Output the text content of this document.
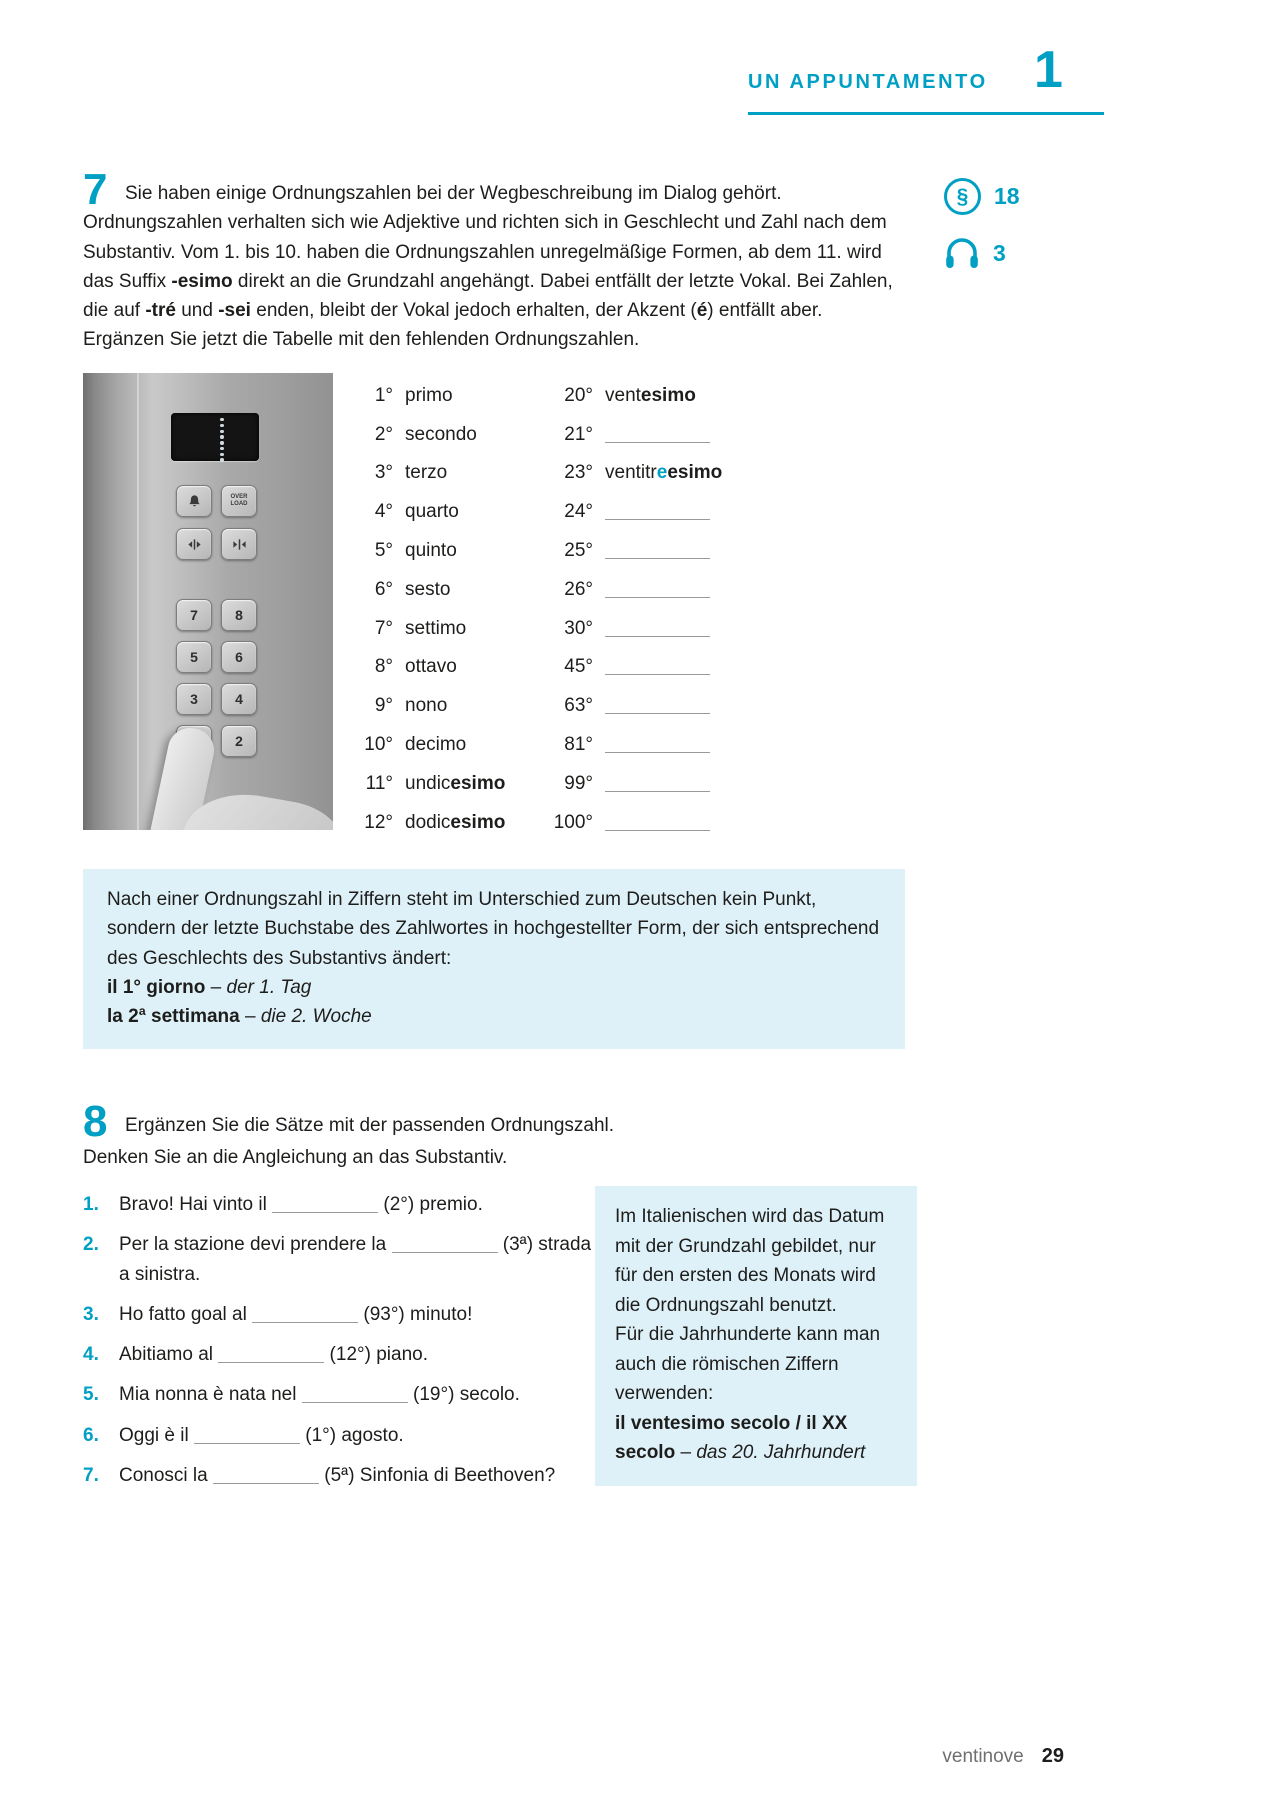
UN APPUNTAMENTO 1
7 Sie haben einige Ordnungszahlen bei der Wegbeschreibung im Dialog gehört. Ordnungszahlen verhalten sich wie Adjektive und richten sich in Geschlecht und Zahl nach dem Substantiv. Vom 1. bis 10. haben die Ordnungszahlen unregelmäßige Formen, ab dem 11. wird das Suffix -esimo direkt an die Grundzahl angehängt. Dabei entfällt der letzte Vokal. Bei Zahlen, die auf -tré und -sei enden, bleibt der Vokal jedoch erhalten, der Akzent (é) entfällt aber.
Ergänzen Sie jetzt die Tabelle mit den fehlenden Ordnungszahlen.
§	18
3
OVER
LOAD
7	8
5	6
3	4
2
1° primo	20° ventesimo
2° secondo	21°
3° terzo	23° ventitreesimo
4° quarto	24°
5° quinto	25°
6° sesto	26°
7° settimo	30°
8° ottavo	45°
9° nono	63°
10° decimo	81°
11° undicesimo	99°
12° dodicesimo	100°
Nach einer Ordnungszahl in Ziffern steht im Unterschied zum Deutschen kein Punkt, sondern der letzte Buchstabe des Zahlwortes in hochgestellter Form, der sich entsprechend des Geschlechts des Substantivs ändert:
il 1° giorno – der 1. Tag
la 2ª settimana – die 2. Woche
8 Ergänzen Sie die Sätze mit der passenden Ordnungszahl.
Denken Sie an die Angleichung an das Substantiv.
1.	Bravo! Hai vinto il	(2°) premio.
2.	Per la stazione devi prendere la	(3ª) strada a sinistra.
3.	Ho fatto goal al	(93°) minuto!
4.	Abitiamo al	(12°) piano.
5.	Mia nonna è nata nel	(19°) secolo.
6.	Oggi è il	(1°) agosto.
7.	Conosci la	(5ª) Sinfonia di Beethoven?
Im Italienischen wird das Datum mit der Grundzahl gebildet, nur für den ersten des Monats wird die Ordnungszahl benutzt.
Für die Jahrhunderte kann man auch die römischen Ziffern verwenden:
il ventesimo secolo / il XX secolo – das 20. Jahrhundert
ventinove 29
